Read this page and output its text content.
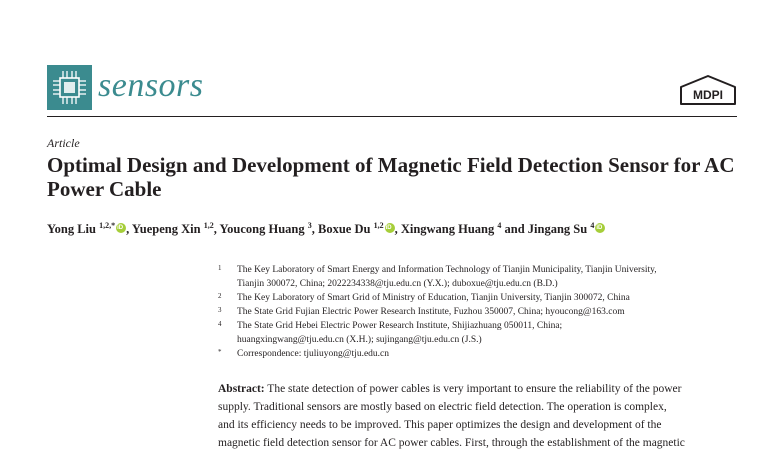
sensors	MDPI
Article
Optimal Design and Development of Magnetic Field Detection Sensor for AC Power Cable
Yong Liu $^{1,2,*}$ iD , Yuepeng Xin $^{1,2}$, Youcong Huang $^3$, Boxue Du $^{1,2}$ iD , Xingwang Huang $^4$ and Jingang Su $^4$iD
1 The Key Laboratory of Smart Energy and Information Technology of Tianjin Municipality, Tianjin University,
Tianjin 300072, China; 2022234338@tju.edu.cn (Y.X.); duboxue@tju.edu.cn (B.D.)
2 The Key Laboratory of Smart Grid of Ministry of Education, Tianjin University, Tianjin 300072, China
3 The State Grid Fujian Electric Power Research Institute, Fuzhou 350007, China; hyoucong@163.com
4 The State Grid Hebei Electric Power Research Institute, Shijiazhuang 050011, China;
huangxingwang@tju.edu.cn (X.H.); sujingang@tju.edu.cn (J.S.)
* Correspondence: tjuliuyong@tju.edu.cn
Abstract: The state detection of power cables is very important to ensure the reliability of the power
supply. Traditional sensors are mostly based on electric field detection. The operation is complex,
and its efficiency needs to be improved. This paper optimizes the design and development of the
magnetic field detection sensor for AC power cables. First, through the establishment of the magnetic
